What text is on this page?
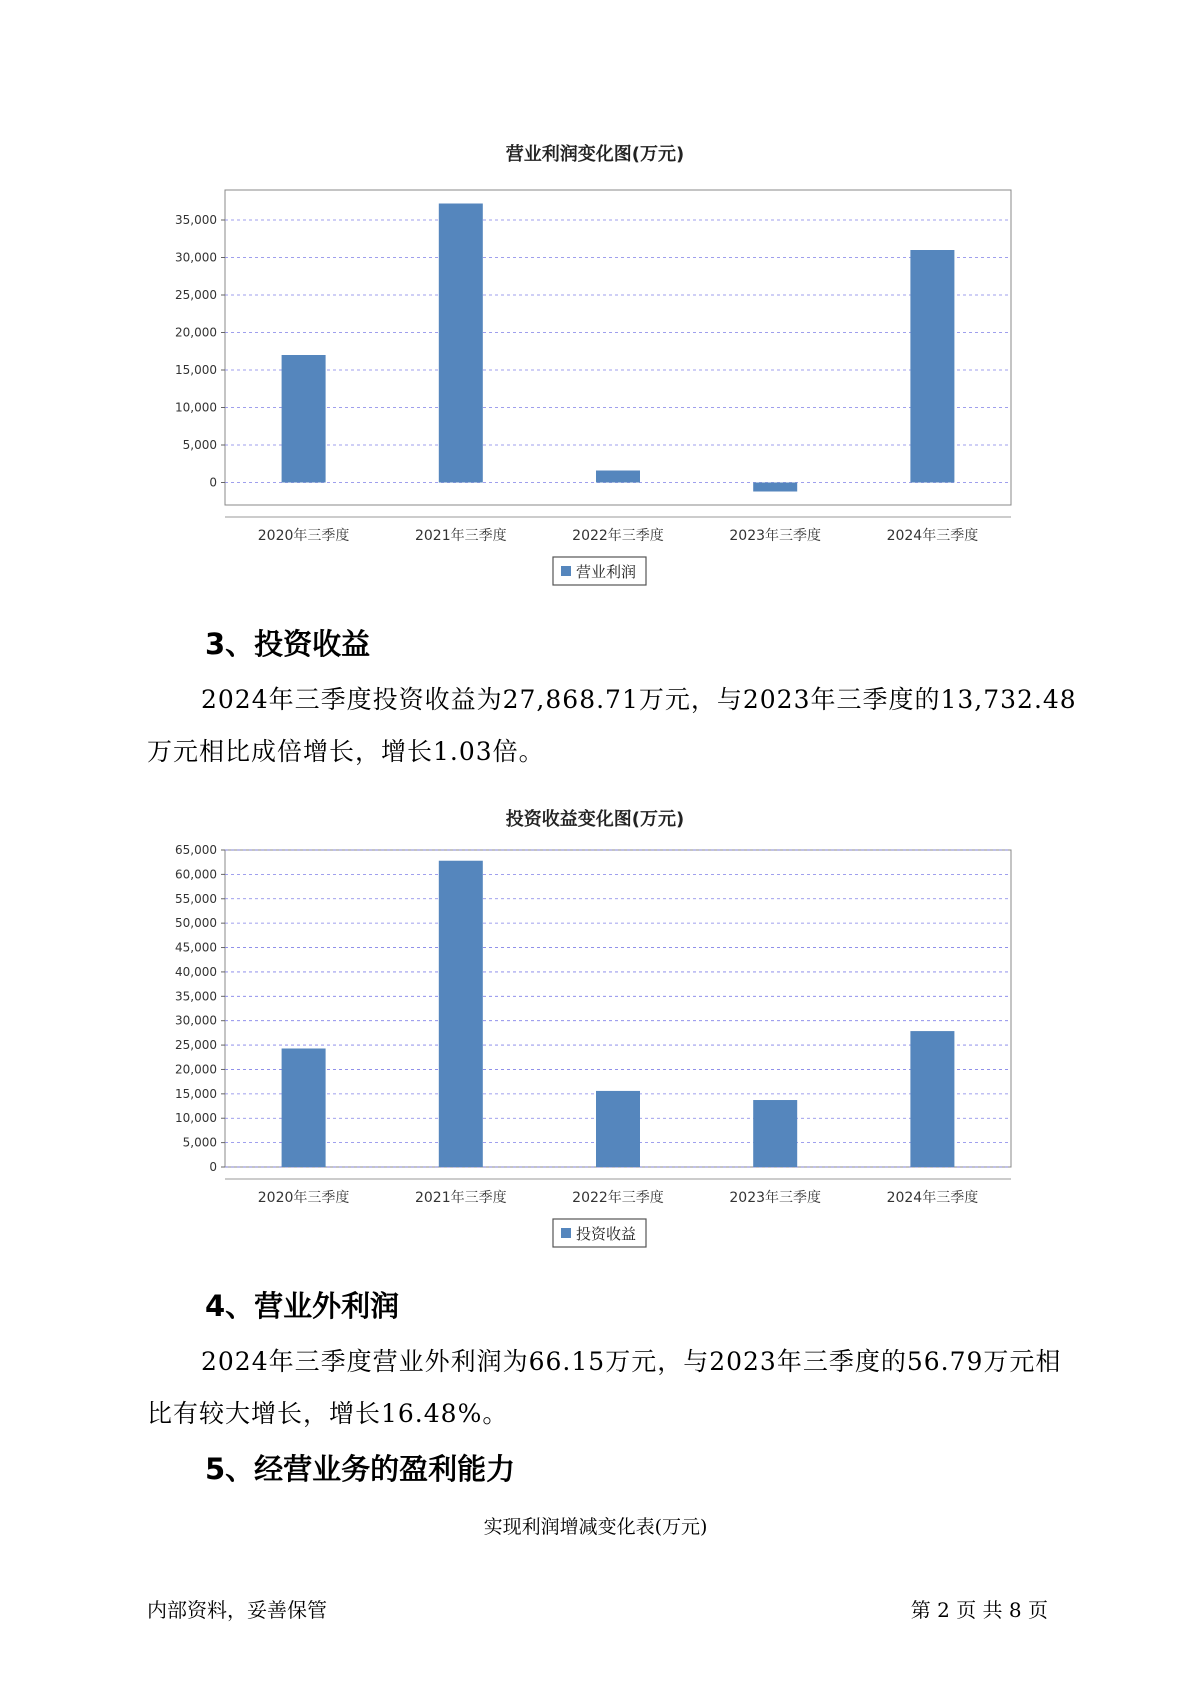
营业利润变化图(万元)
0
5,000
10,000
15,000
20,000
25,000
30,000
35,000
2020年三季度	2021年三季度	2022年三季度	2023年三季度	2024年三季度
营业利润
3、投资收益

2024年三季度投资收益为27,868.71万元，与2023年三季度的13,732.48万元相比成倍增长，增长1.03倍。

投资收益变化图(万元)
0
5,000
10,000
15,000
20,000
25,000
30,000
35,000
40,000
45,000
50,000
55,000
60,000
65,000
2020年三季度	2021年三季度	2022年三季度	2023年三季度	2024年三季度
投资收益
4、营业外利润

2024年三季度营业外利润为66.15万元，与2023年三季度的56.79万元相比有较大增长，增长16.48%。

5、经营业务的盈利能力
实现利润增减变化表(万元)
内部资料，妥善保管	第 2 页 共 8 页
